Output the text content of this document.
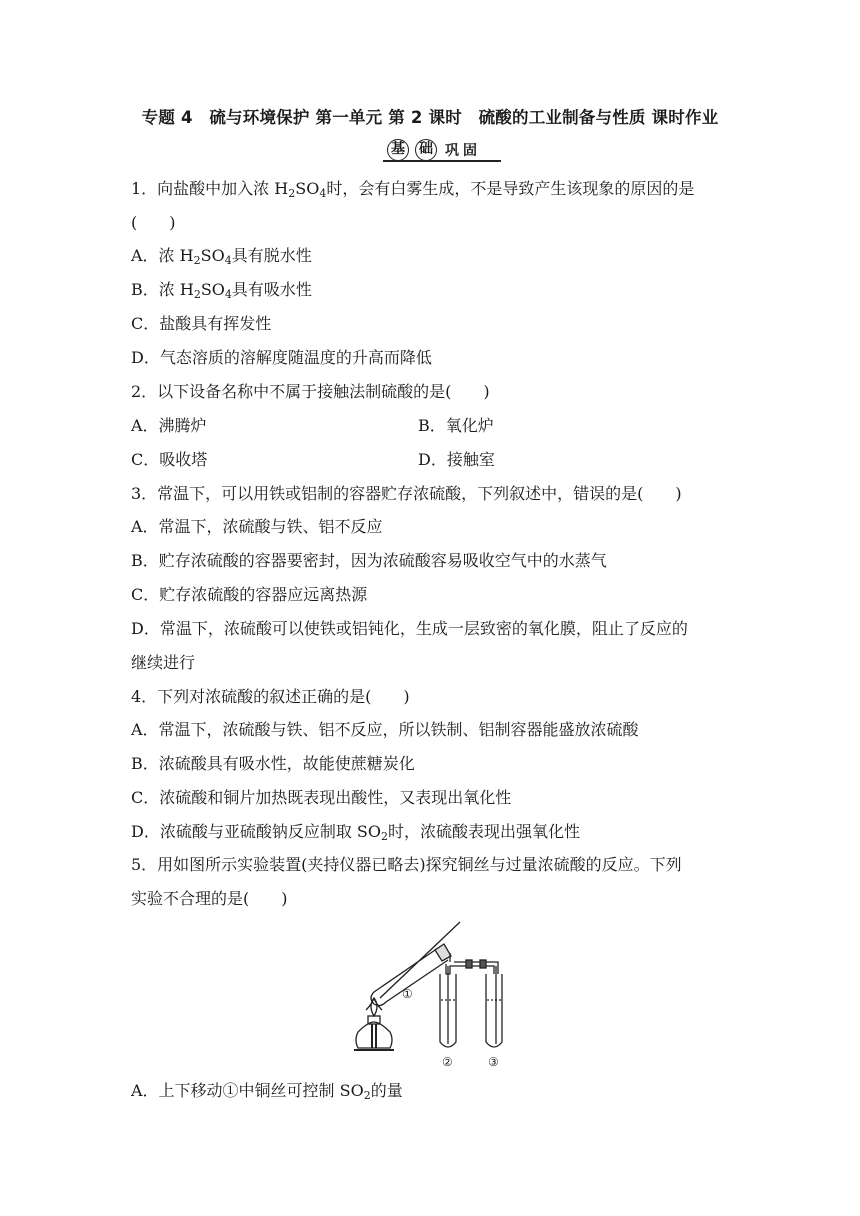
专题 4　硫与环境保护 第一单元 第 2 课时　硫酸的工业制备与性质 课时作业
基 础 巩 固
1．向盐酸中加入浓 $H_2SO_4$时，会有白雾生成，不是导致产生该现象的原因的是
(　　)
A．浓 $H_2SO_4$具有脱水性
B．浓 $H_2SO_4$具有吸水性
C．盐酸具有挥发性
D．气态溶质的溶解度随温度的升高而降低
2．以下设备名称中不属于接触法制硫酸的是(　　)
A．沸腾炉	B．氧化炉
C．吸收塔	D．接触室
3．常温下，可以用铁或铝制的容器贮存浓硫酸，下列叙述中，错误的是(　　)
A．常温下，浓硫酸与铁、铝不反应
B．贮存浓硫酸的容器要密封，因为浓硫酸容易吸收空气中的水蒸气
C．贮存浓硫酸的容器应远离热源
D．常温下，浓硫酸可以使铁或铝钝化，生成一层致密的氧化膜，阻止了反应的
继续进行
4．下列对浓硫酸的叙述正确的是(　　)
A．常温下，浓硫酸与铁、铝不反应，所以铁制、铝制容器能盛放浓硫酸
B．浓硫酸具有吸水性，故能使蔗糖炭化
C．浓硫酸和铜片加热既表现出酸性，又表现出氧化性
D．浓硫酸与亚硫酸钠反应制取 $SO_2$时，浓硫酸表现出强氧化性
5．用如图所示实验装置(夹持仪器已略去)探究铜丝与过量浓硫酸的反应。下列
实验不合理的是(　　)
①
②	③
A．上下移动①中铜丝可控制 $SO_2$的量
